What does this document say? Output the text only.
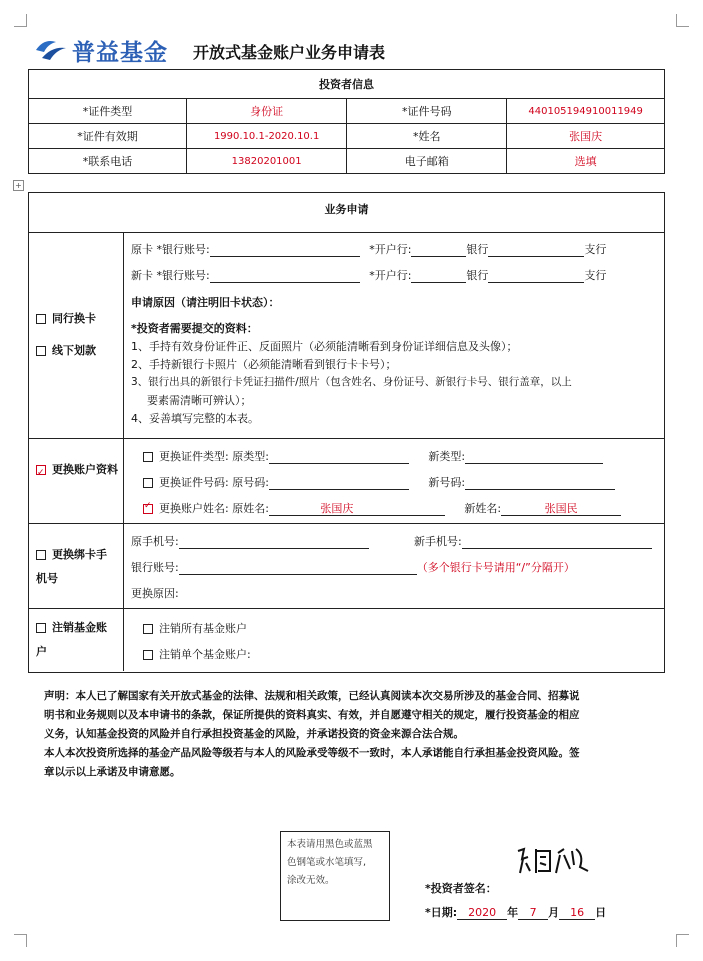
普益基金 开放式基金账户业务申请表
投资者信息			
*证件类型	身份证	*证件号码	440105194910011949
*证件有效期	1990.10.1-2020.10.1	*姓名	张国庆
*联系电话	13820201001	电子邮箱	选填
+
业务申请
同行换卡
线下划款
原卡 *银行账号:	*开户行:	银行	支行
新卡 *银行账号:	*开户行:	银行	支行
申请原因（请注明旧卡状态）：
*投资者需要提交的资料：
1、手持有效身份证件正、反面照片（必须能清晰看到身份证详细信息及头像）；
2、手持新银行卡照片（必须能清晰看到银行卡卡号）；
3、银行出具的新银行卡凭证扫描件/照片（包含姓名、身份证号、新银行卡号、银行盖章，以上
要素需清晰可辨认）；
4、妥善填写完整的本表。
✓更换账户资料
更换证件类型: 原类型:	新类型:
更换证件号码: 原号码:	新号码:
✓更换账户姓名: 原姓名:	张国庆	新姓名:	张国民
更换绑卡手
机号
原手机号:	新手机号:
银行账号:	（多个银行卡号请用“/”分隔开）
更换原因:
注销基金账
户
注销所有基金账户
注销单个基金账户:
声明：本人已了解国家有关开放式基金的法律、法规和相关政策，已经认真阅读本次交易所涉及的基金合同、招募说
明书和业务规则以及本申请书的条款，保证所提供的资料真实、有效，并自愿遵守相关的规定，履行投资基金的相应
义务，认知基金投资的风险并自行承担投资基金的风险，并承诺投资的资金来源合法合规。
本人本次投资所选择的基金产品风险等级若与本人的风险承受等级不一致时，本人承诺能自行承担基金投资风险。签
章以示以上承诺及申请意愿。
本表请用黑色或蓝黑
色钢笔或水笔填写,
涂改无效。
*投资者签名：
*日期: 2020 年 7 月 16 日
